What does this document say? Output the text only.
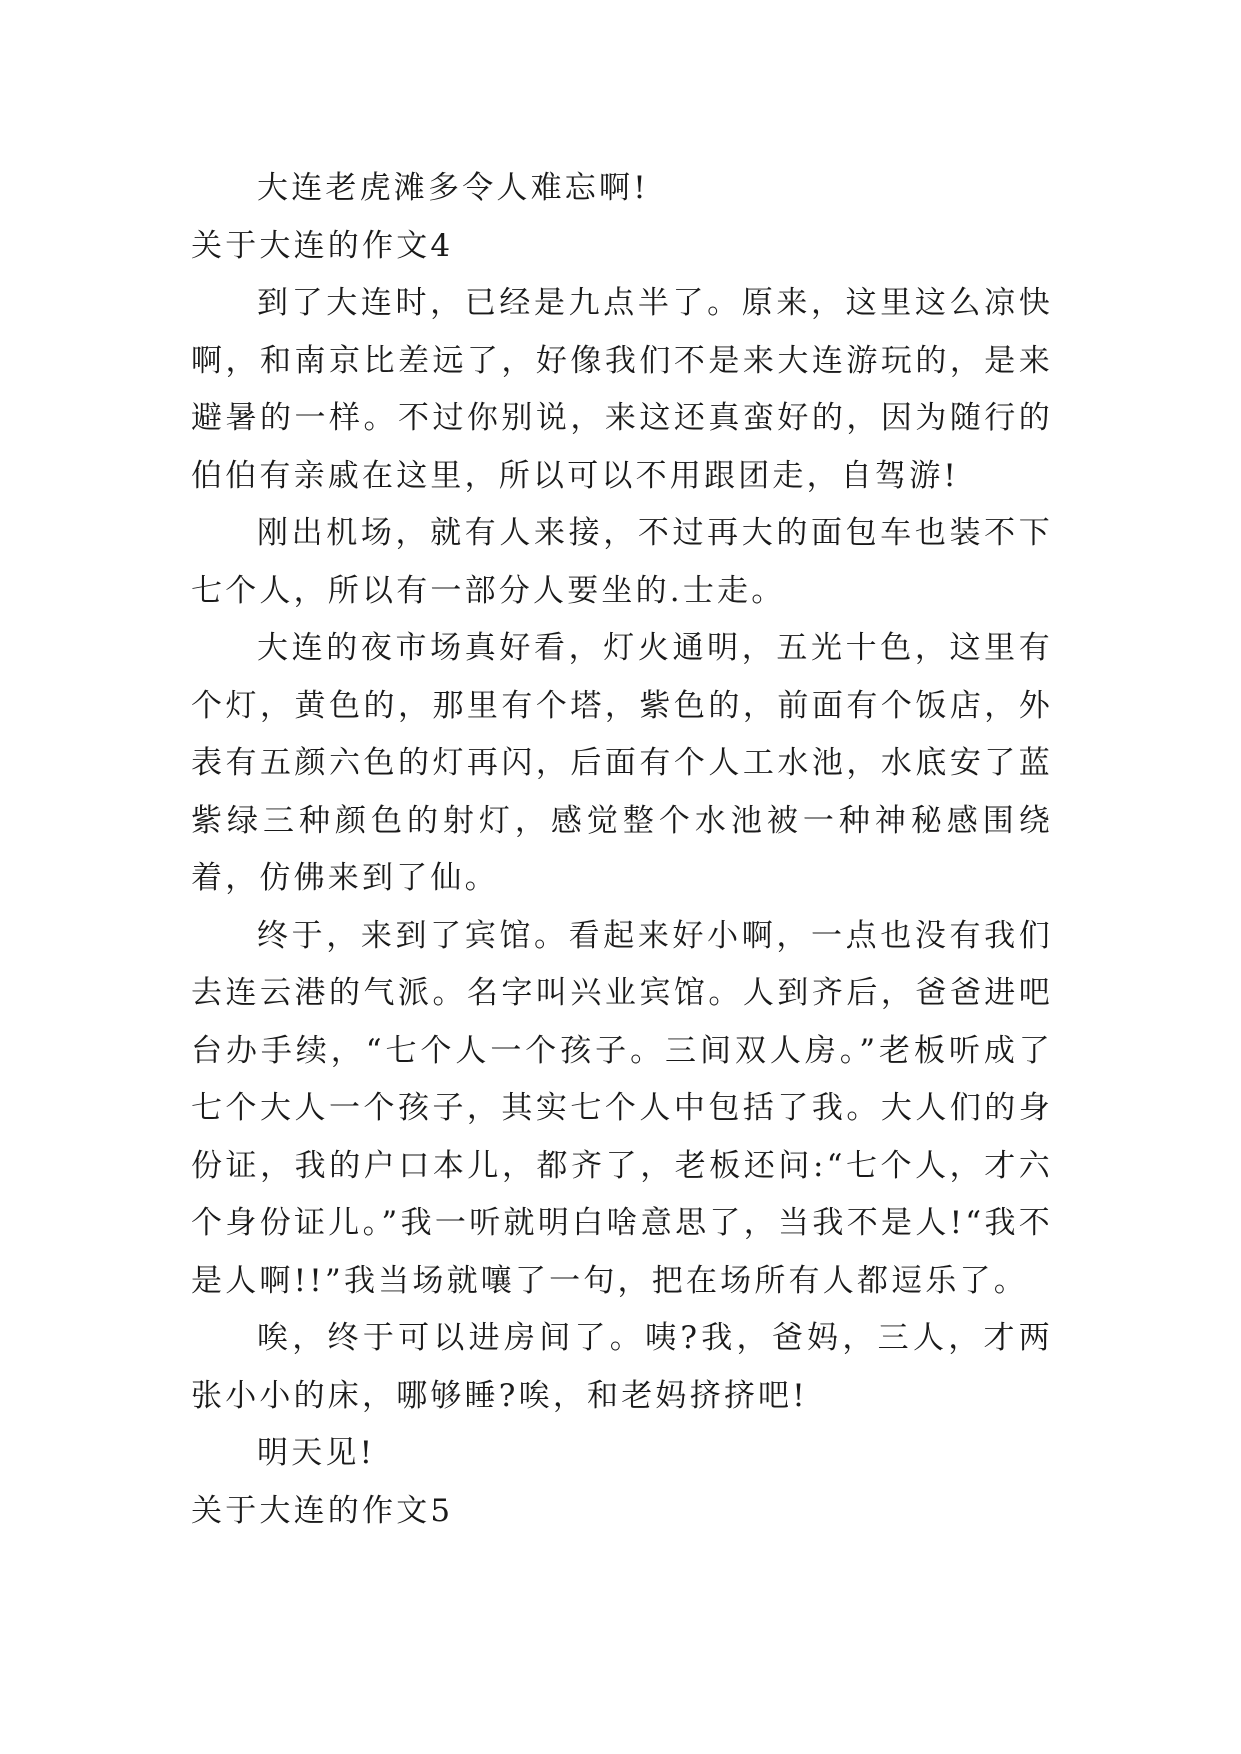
大连老虎滩多令人难忘啊!

关于大连的作文4

到了大连时，已经是九点半了。原来，这里这么凉快啊，和南京比差远了，好像我们不是来大连游玩的，是来避暑的一样。不过你别说，来这还真蛮好的，因为随行的伯伯有亲戚在这里，所以可以不用跟团走，自驾游!

刚出机场，就有人来接，不过再大的面包车也装不下七个人，所以有一部分人要坐的.士走。

大连的夜市场真好看，灯火通明，五光十色，这里有个灯，黄色的，那里有个塔，紫色的，前面有个饭店，外表有五颜六色的灯再闪，后面有个人工水池，水底安了蓝紫绿三种颜色的射灯，感觉整个水池被一种神秘感围绕着，仿佛来到了仙。

终于，来到了宾馆。看起来好小啊，一点也没有我们去连云港的气派。名字叫兴业宾馆。人到齐后，爸爸进吧台办手续，“七个人一个孩子。三间双人房。”老板听成了七个大人一个孩子，其实七个人中包括了我。大人们的身份证，我的户口本儿，都齐了，老板还问:“七个人，才六个身份证儿。”我一听就明白啥意思了，当我不是人!“我不是人啊!!”我当场就嚷了一句，把在场所有人都逗乐了。

唉，终于可以进房间了。咦?我，爸妈，三人，才两张小小的床，哪够睡?唉，和老妈挤挤吧!

明天见!

关于大连的作文5
